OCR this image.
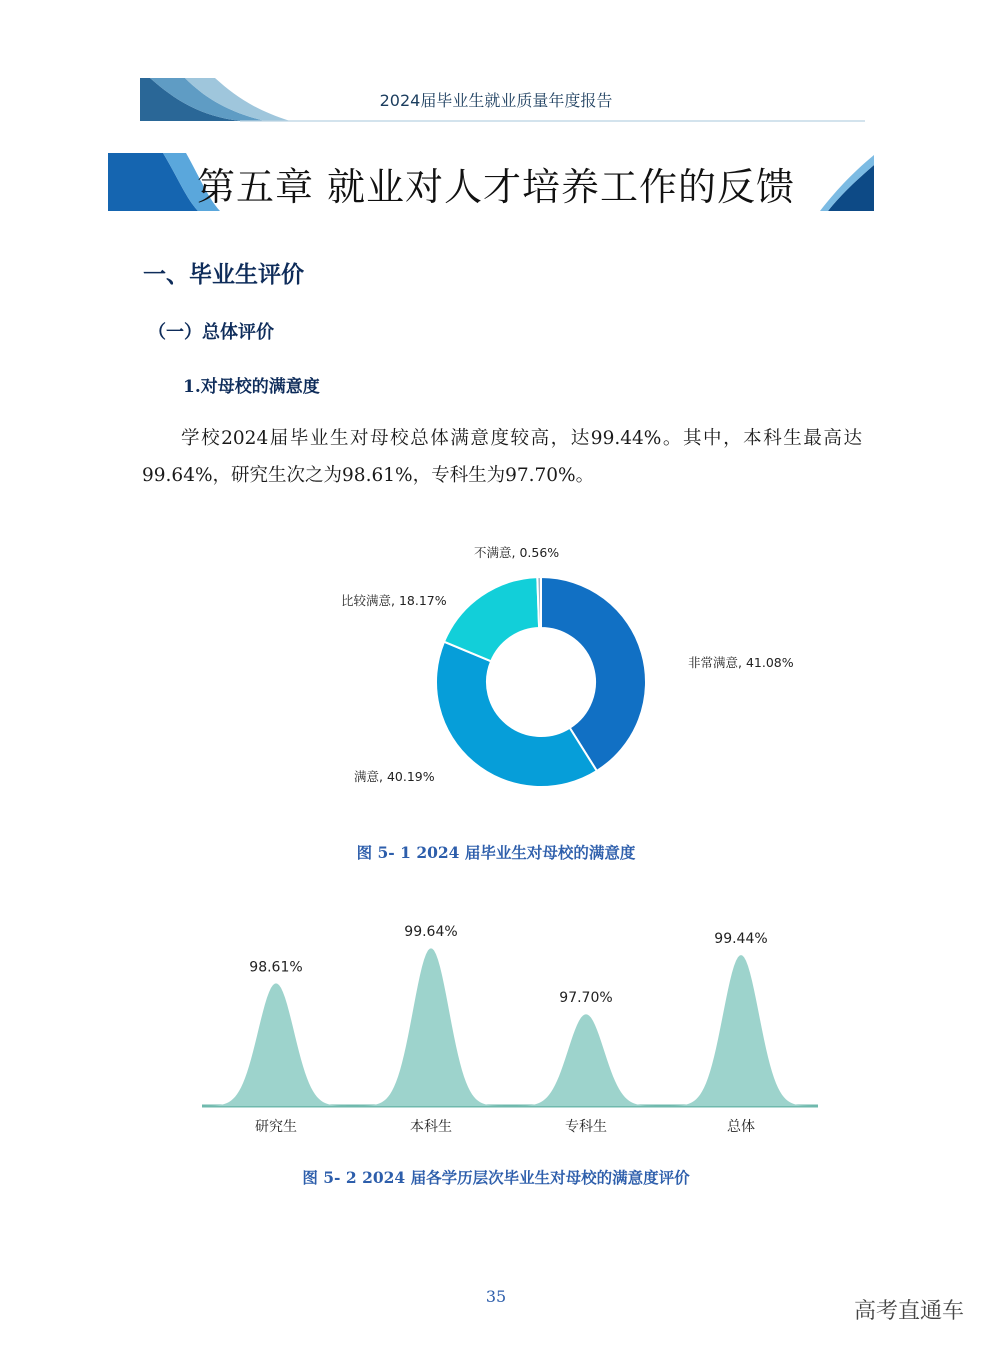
2024届毕业生就业质量年度报告
第五章 就业对人才培养工作的反馈
一、毕业生评价
（一）总体评价
1.对母校的满意度
学校2024届毕业生对母校总体满意度较高，达99.44%。其中，本科生最高达99.64%，研究生次之为98.61%，专科生为97.70%。
非常满意, 41.08%
满意, 40.19%
比较满意, 18.17%
不满意, 0.56%
98.61%
研究生
99.64%
本科生
97.70%
专科生
99.44%
总体
图 5- 1 2024 届毕业生对母校的满意度
图 5- 2 2024 届各学历层次毕业生对母校的满意度评价
35
高考直通车
